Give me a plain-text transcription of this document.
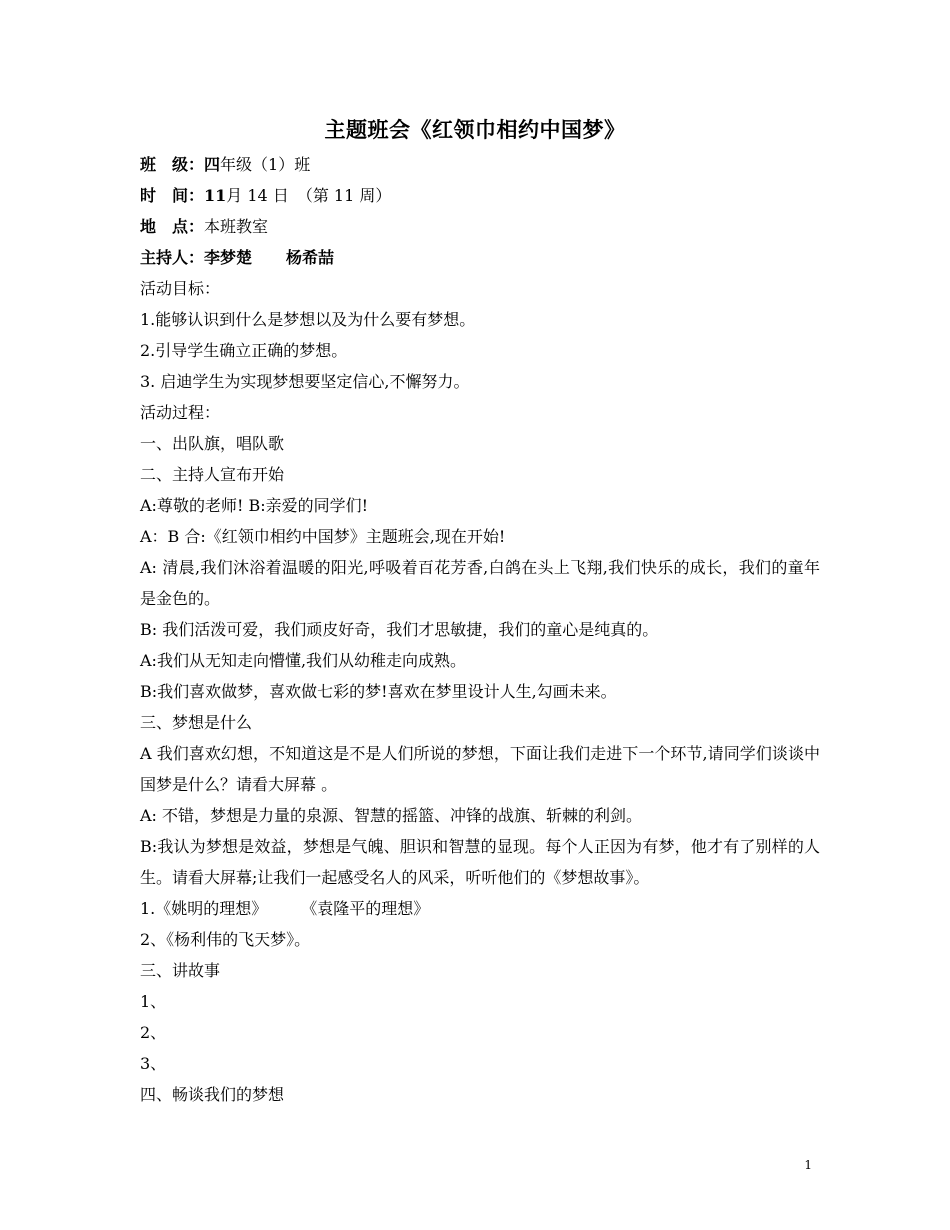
主题班会《红领巾相约中国梦》
班　级：四年级（1）班
时　间：11月 14 日　（第 11 周）
地　点：本班教室
主持人：李梦楚 杨希喆
活动目标：
1.能够认识到什么是梦想以及为什么要有梦想。
2.引导学生确立正确的梦想。
3. 启迪学生为实现梦想要坚定信心,不懈努力。
活动过程：
一、出队旗，唱队歌
二、主持人宣布开始
A:尊敬的老师! B:亲爱的同学们!
A：B 合:《红领巾相约中国梦》主题班会,现在开始!
A: 清晨,我们沐浴着温暖的阳光,呼吸着百花芳香,白鸽在头上飞翔,我们快乐的成长，我们的童年是金色的。
B: 我们活泼可爱，我们顽皮好奇，我们才思敏捷，我们的童心是纯真的。
A:我们从无知走向懵懂,我们从幼稚走向成熟。
B:我们喜欢做梦，喜欢做七彩的梦!喜欢在梦里设计人生,勾画未来。
三、梦想是什么
A 我们喜欢幻想，不知道这是不是人们所说的梦想，下面让我们走进下一个环节,请同学们谈谈中国梦是什么？请看大屏幕 。
A: 不错，梦想是力量的泉源、智慧的摇篮、冲锋的战旗、斩棘的利剑。
B:我认为梦想是效益，梦想是气魄、胆识和智慧的显现。每个人正因为有梦，他才有了别样的人生。请看大屏幕;让我们一起感受名人的风采，听听他们的《梦想故事》。
1.《姚明的理想》 《袁隆平的理想》
2、《杨利伟的飞天梦》。
三、讲故事
1、
2、
3、
四、畅谈我们的梦想
1
